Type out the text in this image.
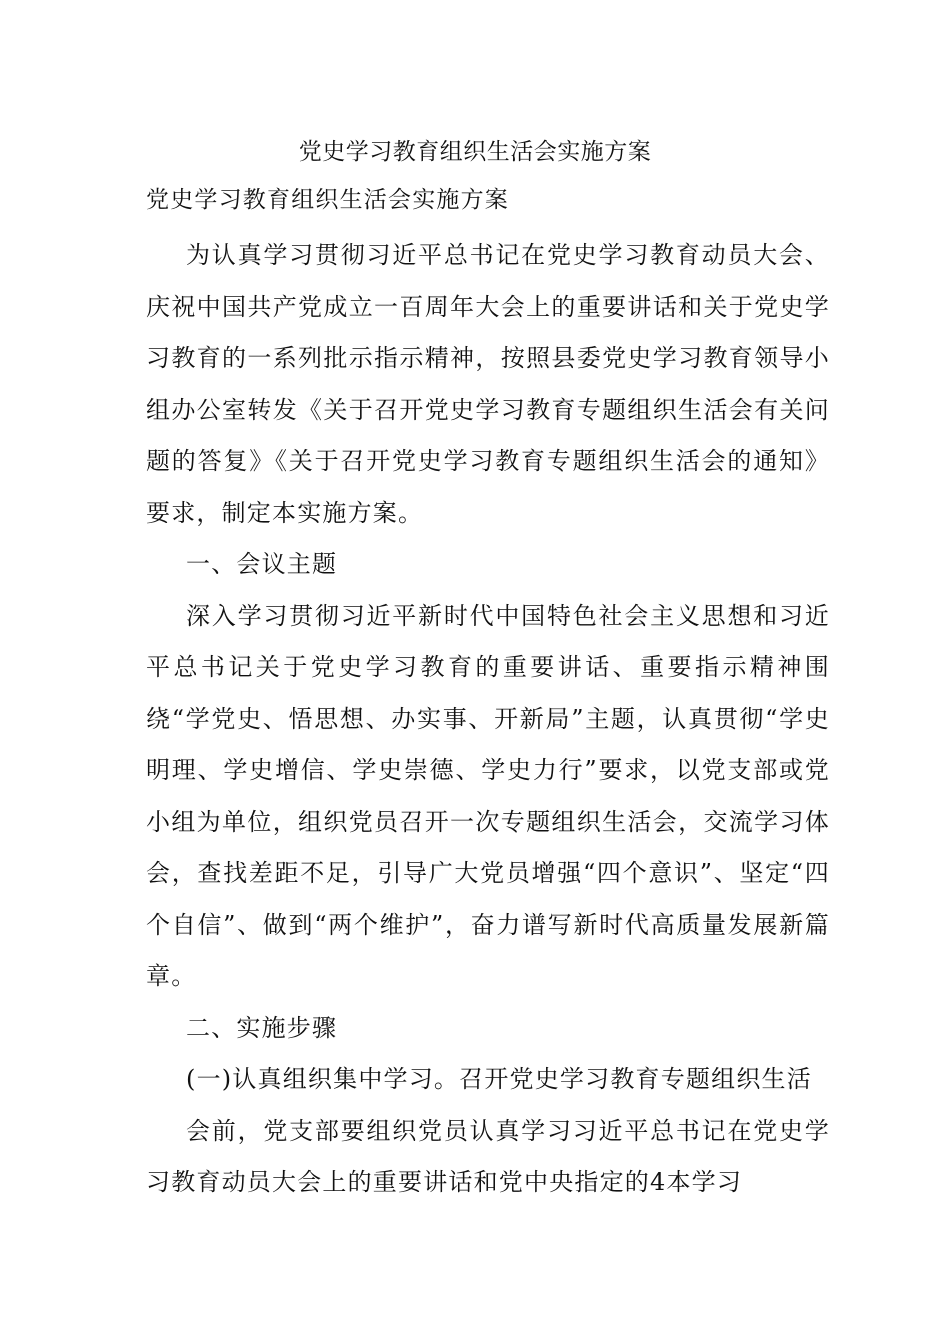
党史学习教育组织生活会实施方案

党史学习教育组织生活会实施方案

为认真学习贯彻习近平总书记在党史学习教育动员大会、庆祝中国共产党成立一百周年大会上的重要讲话和关于党史学习教育的一系列批示指示精神，按照县委党史学习教育领导小组办公室转发《关于召开党史学习教育专题组织生活会有关问题的答复》《关于召开党史学习教育专题组织生活会的通知》要求，制定本实施方案。

一、会议主题

深入学习贯彻习近平新时代中国特色社会主义思想和习近平总书记关于党史学习教育的重要讲话、重要指示精神围绕“学党史、悟思想、办实事、开新局”主题，认真贯彻“学史明理、学史增信、学史崇德、学史力行”要求，以党支部或党小组为单位，组织党员召开一次专题组织生活会，交流学习体会，查找差距不足，引导广大党员增强“四个意识”、坚定“四个自信”、做到“两个维护”，奋力谱写新时代高质量发展新篇章。

二、实施步骤

(一)认真组织集中学习。召开党史学习教育专题组织生活

会前，党支部要组织党员认真学习习近平总书记在党史学习教育动员大会上的重要讲话和党中央指定的4本学习
